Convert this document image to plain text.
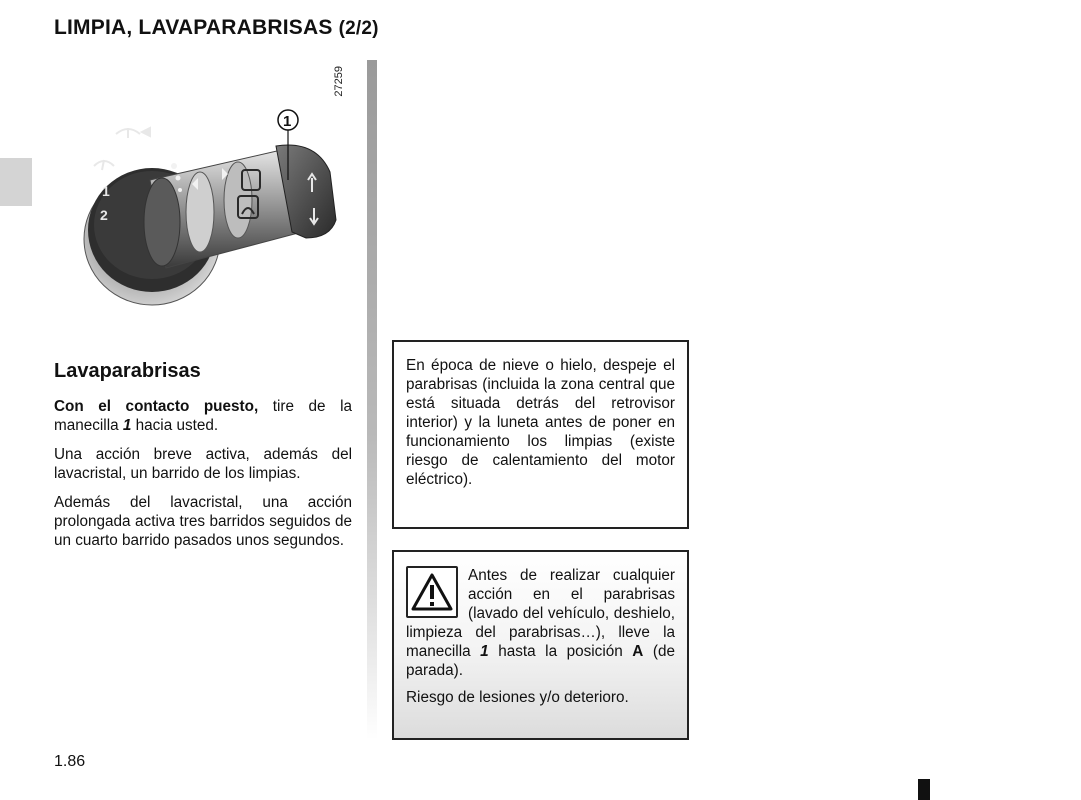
LIMPIA, LAVAPARABRISAS (2/2)
1
2
1
27259
Lavaparabrisas

Con el contacto puesto, tire de la manecilla 1 hacia usted.

Una acción breve activa, además del lavacristal, un barrido de los limpias.

Además del lavacristal, una acción prolongada activa tres barridos seguidos de un cuarto barrido pasados unos segundos.

En época de nieve o hielo, despeje el parabrisas (incluida la zona central que está situada detrás del retrovisor interior) y la luneta antes de poner en funcionamiento los limpias (existe riesgo de calentamiento del motor eléctrico).

Antes de realizar cualquier acción en el parabrisas (lavado del vehículo, deshielo, limpieza del parabrisas…), lleve la manecilla 1 hasta la posición A (de parada).

Riesgo de lesiones y/o deterioro.

1.86
